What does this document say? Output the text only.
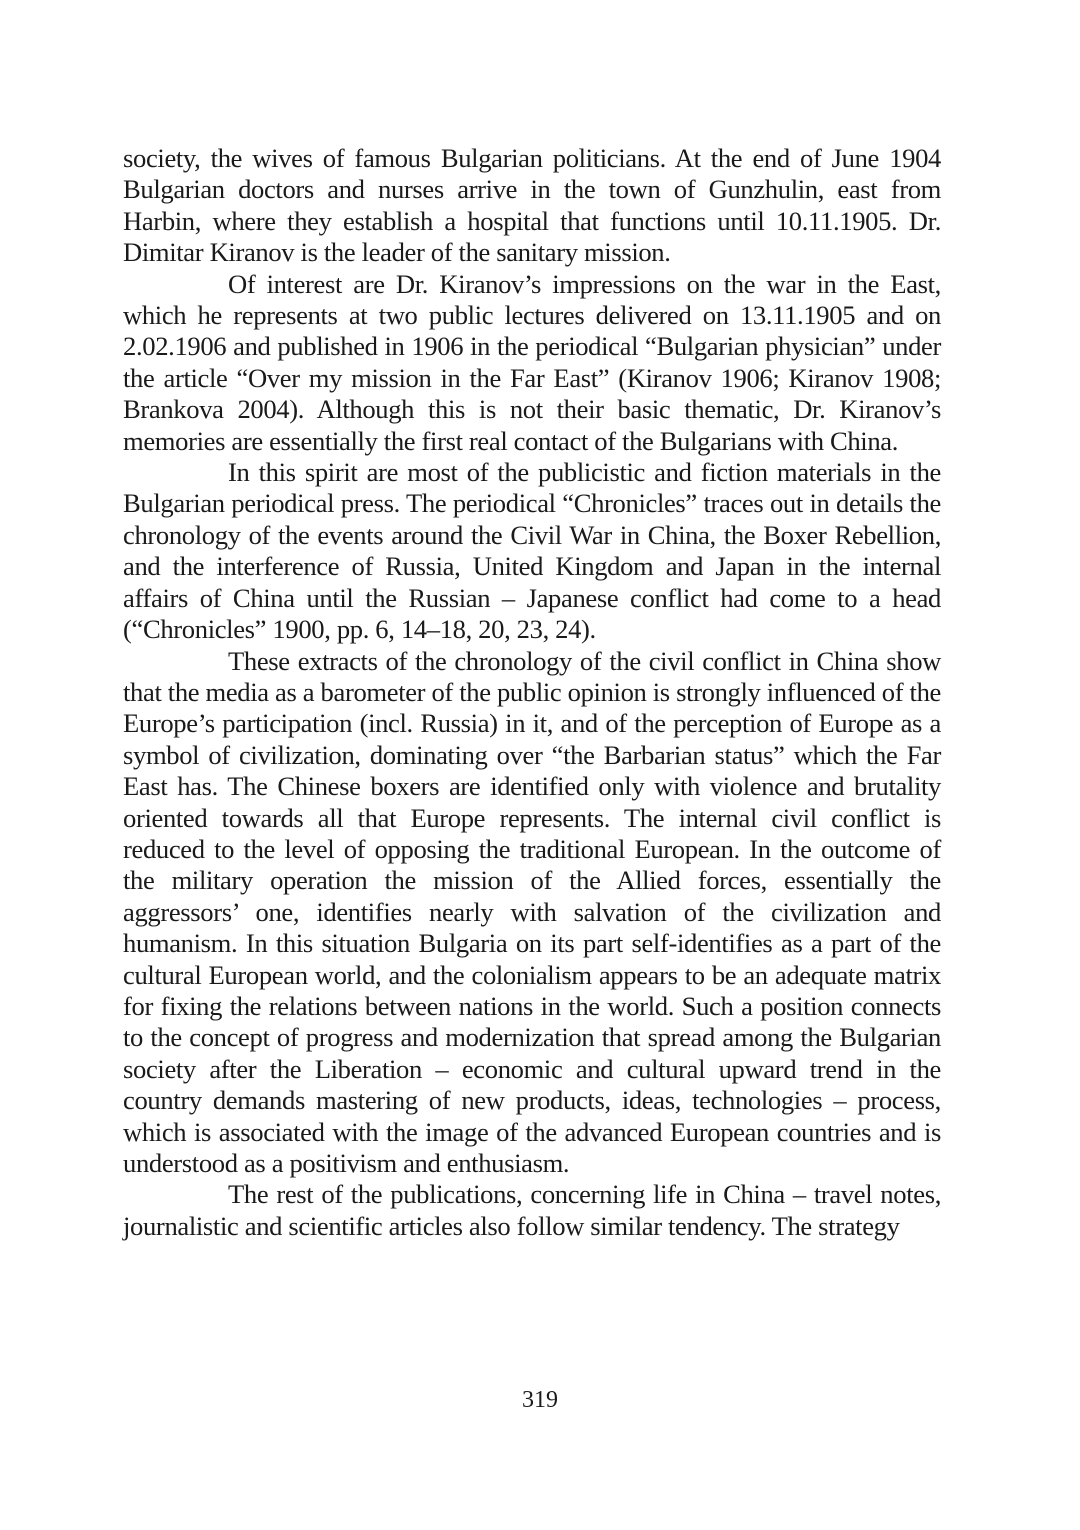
society, the wives of famous Bulgarian politicians. At the end of June 1904 Bulgarian doctors and nurses arrive in the town of Gunzhulin, east from Harbin, where they establish a hospital that functions until 10.11.1905. Dr. Dimitar Kiranov is the leader of the sanitary mission.

Of interest are Dr. Kiranov’s impressions on the war in the East, which he represents at two public lectures delivered on 13.11.1905 and on 2.02.1906 and published in 1906 in the periodical “Bulgarian physician” under the article “Over my mission in the Far East” (Kiranov 1906; Kiranov 1908; Brankova 2004). Although this is not their basic thematic, Dr. Kiranov’s memories are essentially the first real contact of the Bulgarians with China.

In this spirit are most of the publicistic and fiction materials in the Bulgarian periodical press. The periodical “Chronicles” traces out in details the chronology of the events around the Civil War in China, the Boxer Rebellion, and the interference of Russia, United Kingdom and Japan in the internal affairs of China until the Russian – Japanese conflict had come to a head (“Chronicles” 1900, pp. 6, 14–18, 20, 23, 24).

These extracts of the chronology of the civil conflict in China show that the media as a barometer of the public opinion is strongly influenced of the Europe’s participation (incl. Russia) in it, and of the perception of Europe as a symbol of civilization, dominating over “the Barbarian status” which the Far East has. The Chinese boxers are identified only with violence and brutality oriented towards all that Europe represents. The internal civil conflict is reduced to the level of opposing the traditional European. In the outcome of the military operation the mission of the Allied forces, essentially the aggressors’ one, identifies nearly with salvation of the civilization and humanism. In this situation Bulgaria on its part self-identifies as a part of the cultural European world, and the colonialism appears to be an adequate matrix for fixing the relations between nations in the world. Such a position connects to the concept of progress and modernization that spread among the Bulgarian society after the Liberation – economic and cultural upward trend in the country demands mastering of new products, ideas, technologies – process, which is associated with the image of the advanced European countries and is understood as a positivism and enthusiasm.

The rest of the publications, concerning life in China – travel notes, journalistic and scientific articles also follow similar tendency. The strategy

319
